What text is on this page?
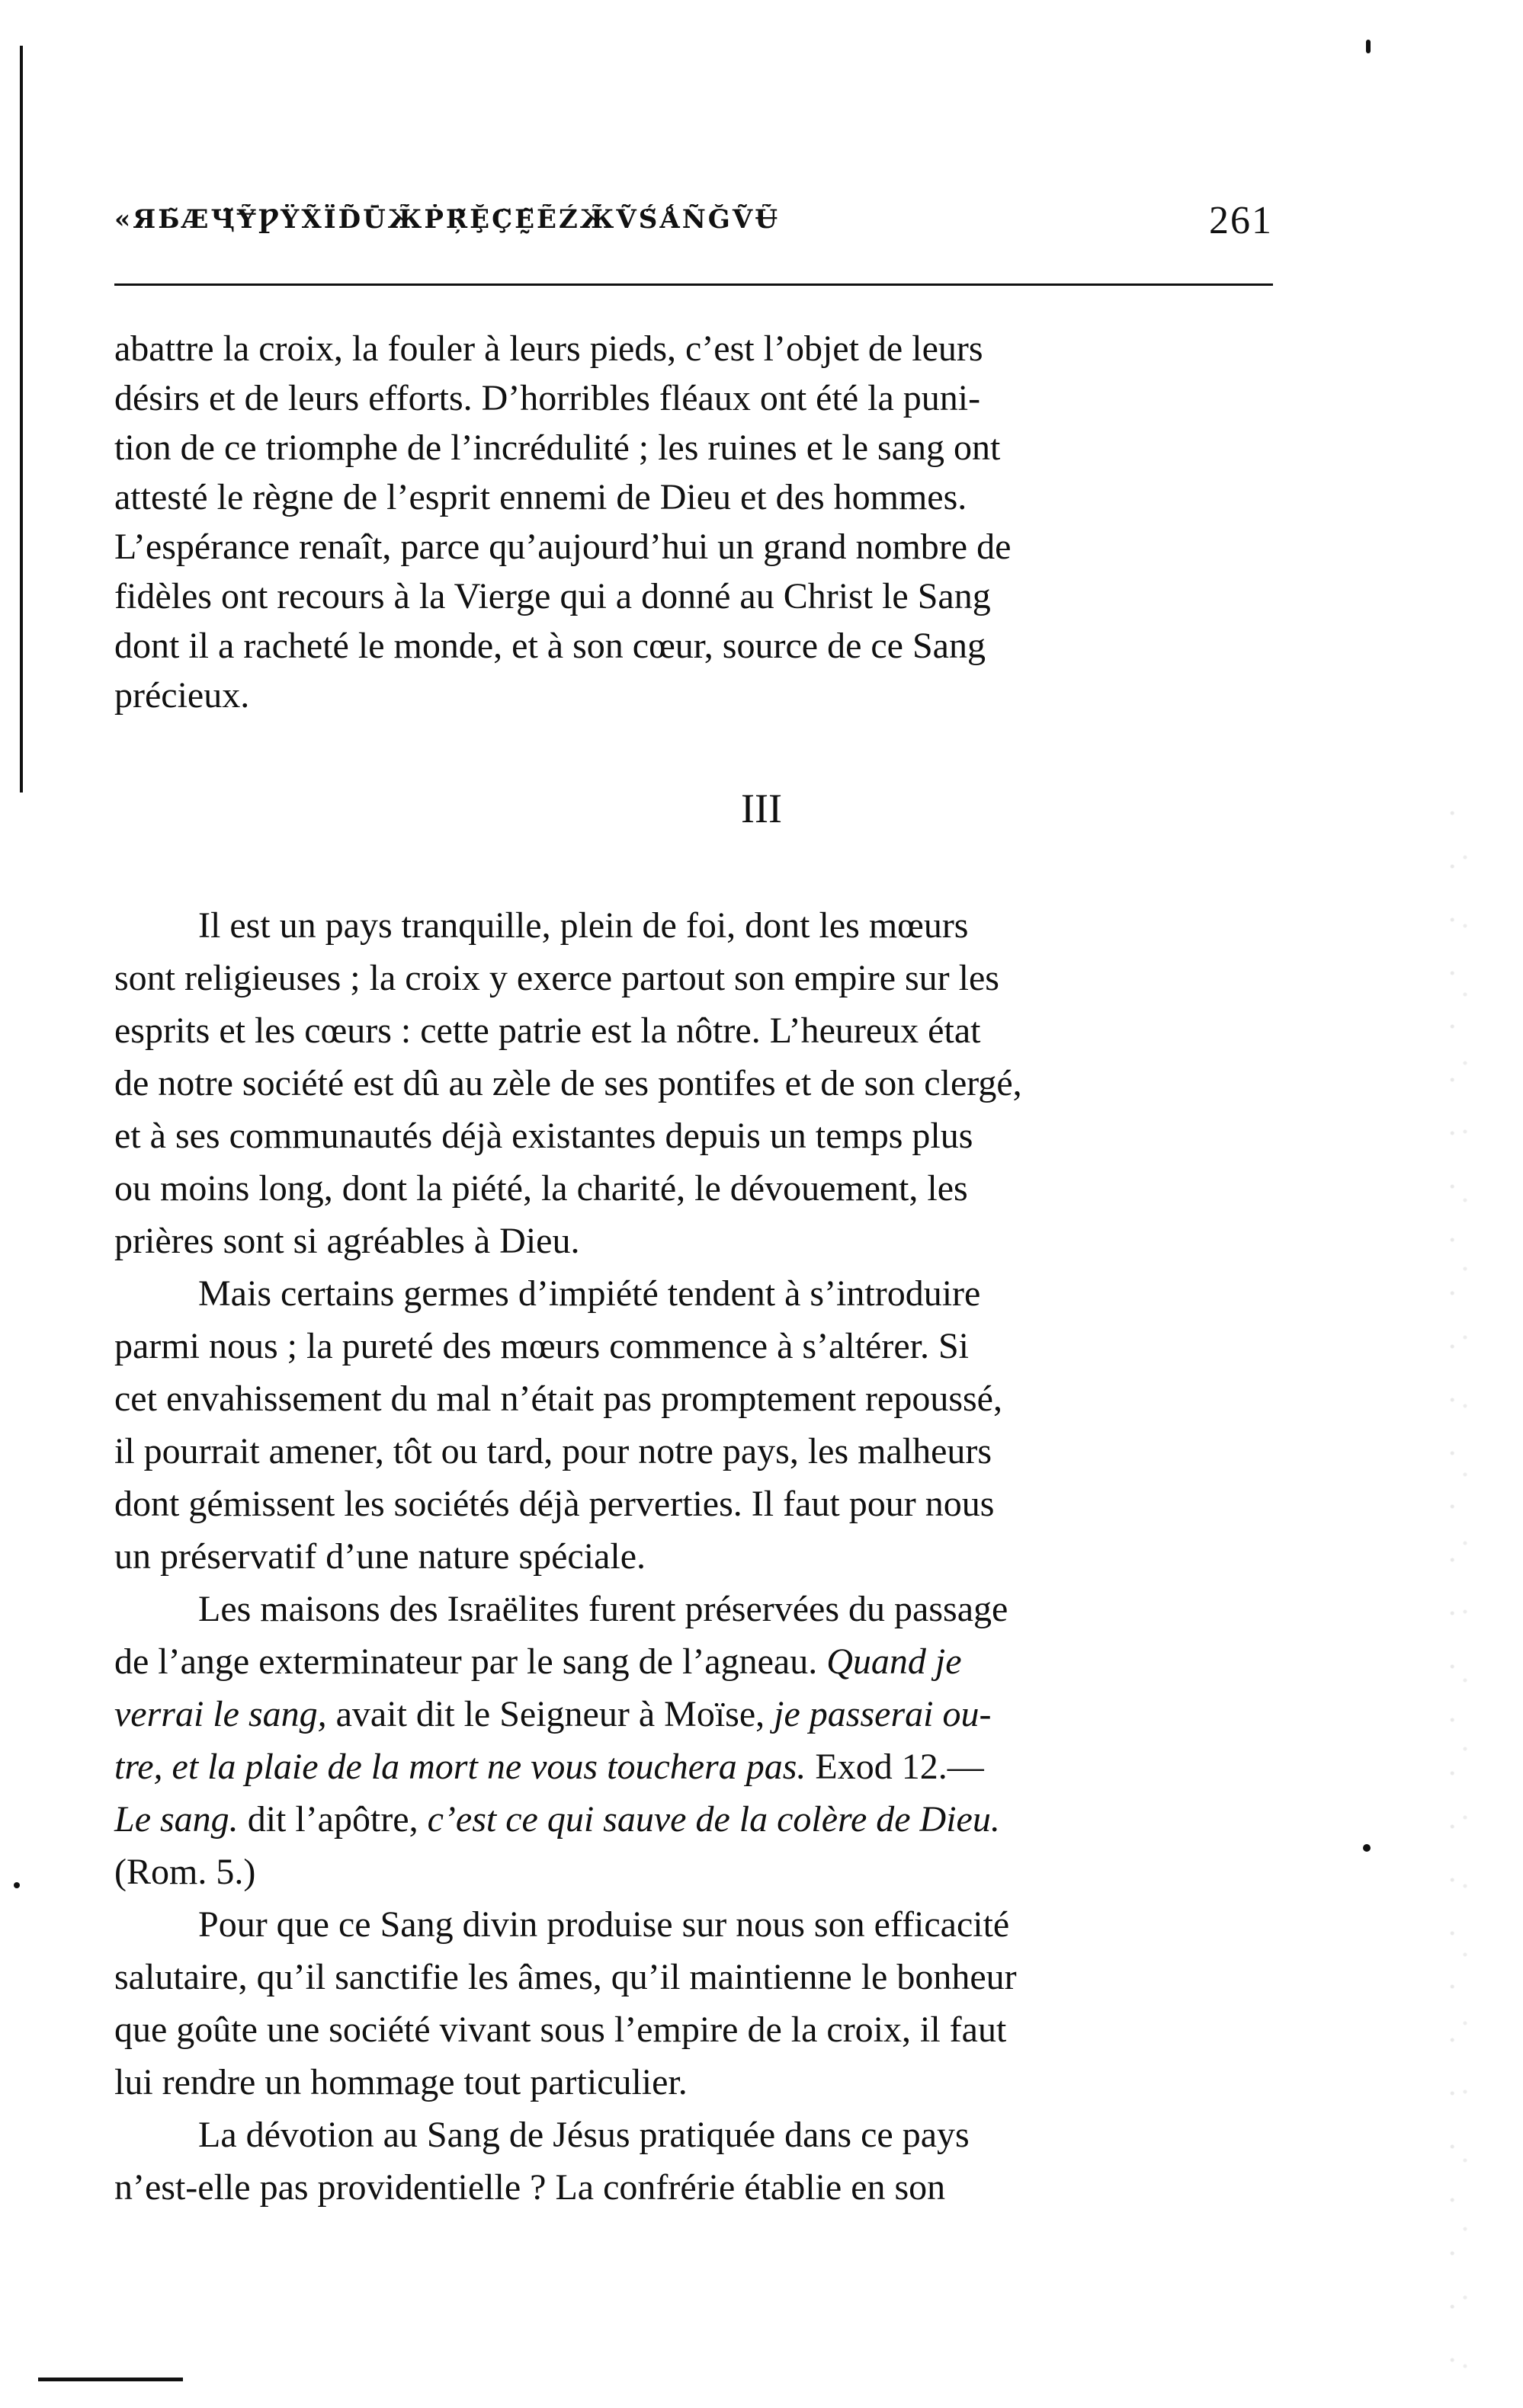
«ЯЬ̃ӔҶ̃Ɏ̃ǷŸX̃ḮD̃ṺЖ̃ṖŖ̃ḜÇ̃Ḛ̃ẼŹЖ̃ṼŚ̃ǺÑĞṼɄ̃	261
abattre la croix, la fouler à leurs pieds, c’est l’objet de leurs
désirs et de leurs efforts. D’horribles fléaux ont été la puni-
tion de ce triomphe de l’incrédulité ; les ruines et le sang ont
attesté le règne de l’esprit ennemi de Dieu et des hommes.
L’espérance renaît, parce qu’aujourd’hui un grand nombre de
fidèles ont recours à la Vierge qui a donné au Christ le Sang
dont il a racheté le monde, et à son cœur, source de ce Sang
précieux.
III
Il est un pays tranquille, plein de foi, dont les mœurs
sont religieuses ; la croix y exerce partout son empire sur les
esprits et les cœurs : cette patrie est la nôtre. L’heureux état
de notre société est dû au zèle de ses pontifes et de son clergé,
et à ses communautés déjà existantes depuis un temps plus
ou moins long, dont la piété, la charité, le dévouement, les
prières sont si agréables à Dieu.
Mais certains germes d’impiété tendent à s’introduire
parmi nous ; la pureté des mœurs commence à s’altérer. Si
cet envahissement du mal n’était pas promptement repoussé,
il pourrait amener, tôt ou tard, pour notre pays, les malheurs
dont gémissent les sociétés déjà perverties. Il faut pour nous
un préservatif d’une nature spéciale.
Les maisons des Israëlites furent préservées du passage
de l’ange exterminateur par le sang de l’agneau. Quand je
verrai le sang, avait dit le Seigneur à Moïse, je passerai ou-
tre, et la plaie de la mort ne vous touchera pas. Exod 12.—
Le sang. dit l’apôtre, c’est ce qui sauve de la colère de Dieu.
(Rom. 5.)
Pour que ce Sang divin produise sur nous son efficacité
salutaire, qu’il sanctifie les âmes, qu’il maintienne le bonheur
que goûte une société vivant sous l’empire de la croix, il faut
lui rendre un hommage tout particulier.
La dévotion au Sang de Jésus pratiquée dans ce pays
n’est-elle pas providentielle ? La confrérie établie en son
